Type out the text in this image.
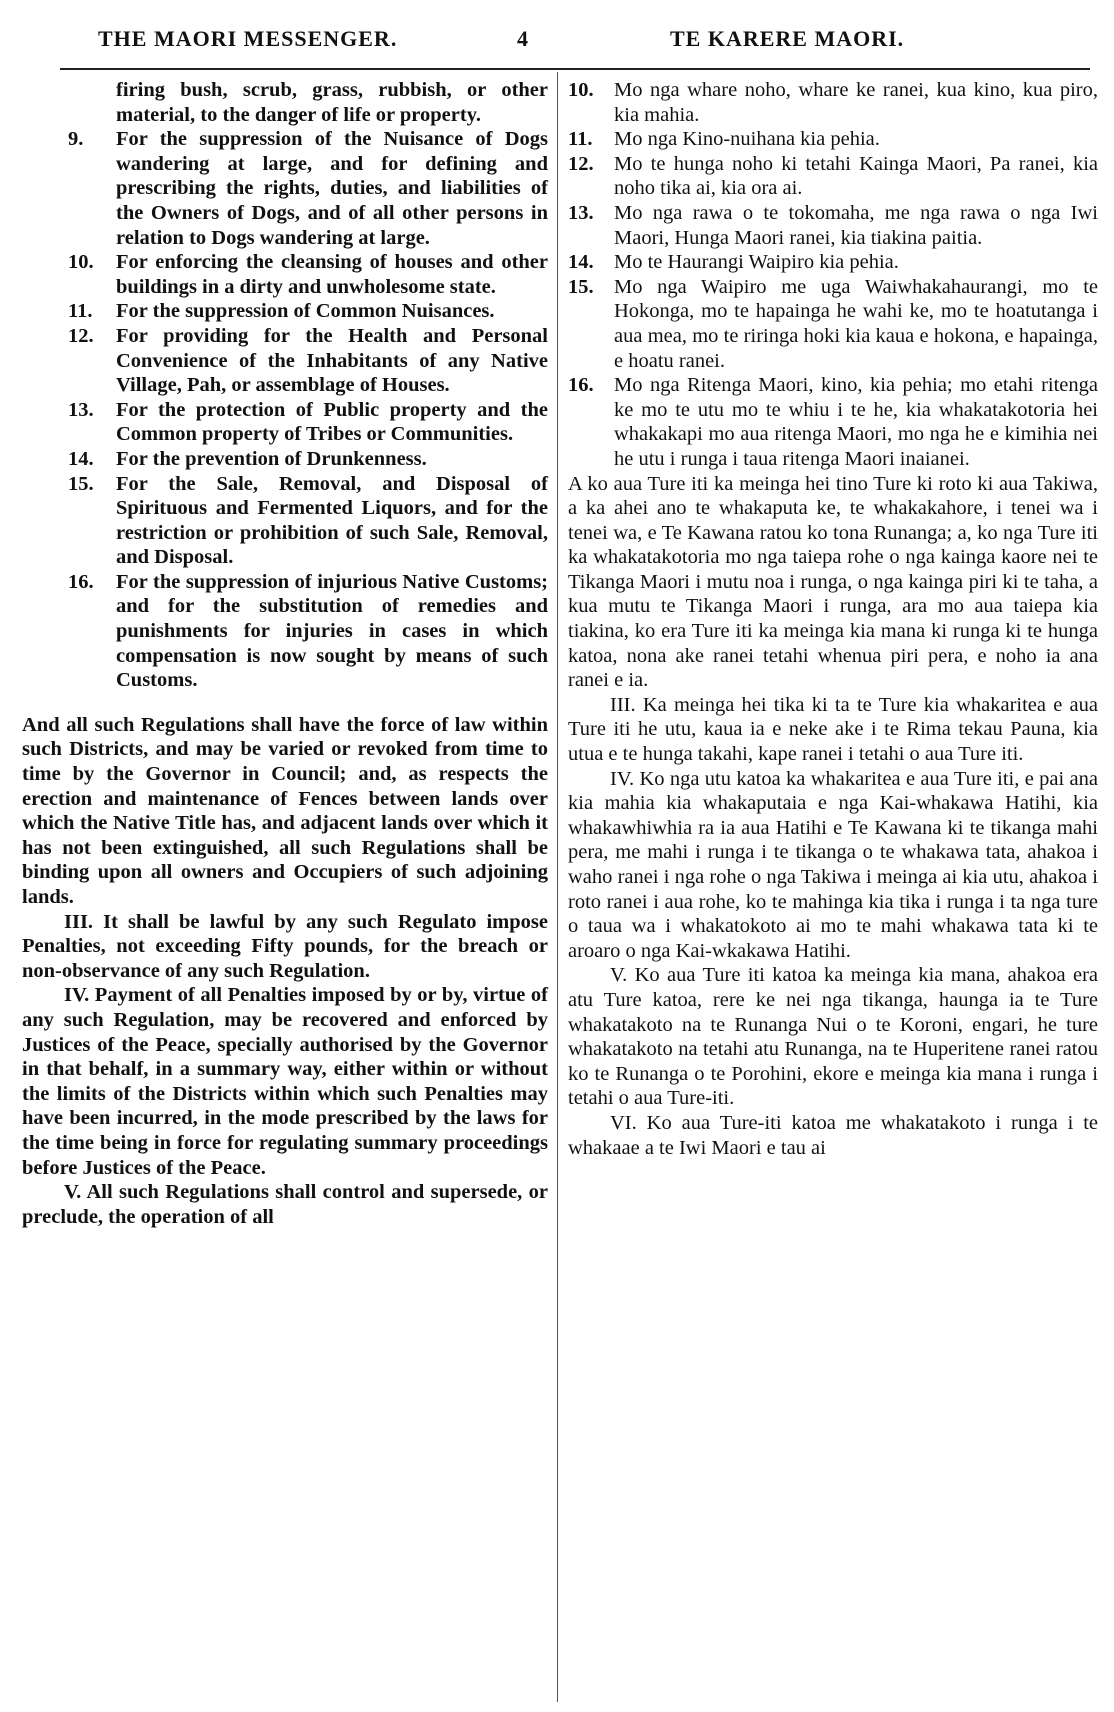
THE MAORI MESSENGER.	4	TE KARERE MAORI.

firing bush, scrub, grass, rubbish, or other material, to the danger of life or property.

9.	For the suppression of the Nuisance of Dogs wandering at large, and for defining and prescribing the rights, duties, and liabilities of the Owners of Dogs, and of all other persons in relation to Dogs wandering at large.
10.	For enforcing the cleansing of houses and other buildings in a dirty and unwholesome state.
11.	For the suppression of Common Nuisances.
12.	For providing for the Health and Personal Convenience of the Inhabitants of any Native Village, Pah, or assemblage of Houses.
13.	For the protection of Public property and the Common property of Tribes or Communities.
14.	For the prevention of Drunkenness.
15.	For the Sale, Removal, and Disposal of Spirituous and Fermented Liquors, and for the restriction or prohibition of such Sale, Removal, and Disposal.
16.	For the suppression of injurious Native Customs; and for the substitution of remedies and punishments for injuries in cases in which compensation is now sought by means of such Customs.

And all such Regulations shall have the force of law within such Districts, and may be varied or revoked from time to time by the Governor in Council; and, as respects the erection and maintenance of Fences between lands over which the Native Title has, and adjacent lands over which it has not been extinguished, all such Regulations shall be binding upon all owners and Occupiers of such adjoining lands.

III. It shall be lawful by any such Regulato impose Penalties, not exceeding Fifty pounds, for the breach or non-observance of any such Regulation.

IV. Payment of all Penalties imposed by or by, virtue of any such Regulation, may be recovered and enforced by Justices of the Peace, specially authorised by the Governor in that behalf, in a summary way, either within or without the limits of the Districts within which such Penalties may have been incurred, in the mode prescribed by the laws for the time being in force for regulating summary proceedings before Justices of the Peace.

V. All such Regulations shall control and supersede, or preclude, the operation of all

10. Mo nga whare noho, whare ke ranei, kua kino, kua piro, kia mahia.
11.	Mo nga Kino-nuihana kia pehia.
12. Mo te hunga noho ki tetahi Kainga Maori, Pa ranei, kia noho tika ai, kia ora ai.
13. Mo nga rawa o te tokomaha, me nga rawa o nga Iwi Maori, Hunga Maori ranei, kia tiakina paitia.
14. Mo te Haurangi Waipiro kia pehia.
15. Mo nga Waipiro me uga Waiwhakahaurangi, mo te Hokonga, mo te hapainga he wahi ke, mo te hoatutanga i aua mea, mo te riringa hoki kia kaua e hokona, e hapainga, e hoatu ranei.
16. Mo nga Ritenga Maori, kino, kia pehia; mo etahi ritenga ke mo te utu mo te whiu i te he, kia whakatakotoria hei whakakapi mo aua ritenga Maori, mo nga he e kimihia nei he utu i runga i taua ritenga Maori inaianei.

A ko aua Ture iti ka meinga hei tino Ture ki roto ki aua Takiwa, a ka ahei ano te whakaputa ke, te whakakahore, i tenei wa i tenei wa, e Te Kawana ratou ko tona Runanga; a, ko nga Ture iti ka whakatakotoria mo nga taiepa rohe o nga kainga kaore nei te Tikanga Maori i mutu noa i runga, o nga kainga piri ki te taha, a kua mutu te Tikanga Maori i runga, ara mo aua taiepa kia tiakina, ko era Ture iti ka meinga kia mana ki runga ki te hunga katoa, nona ake ranei tetahi whenua piri pera, e noho ia ana ranei e ia.

III. Ka meinga hei tika ki ta te Ture kia whakaritea e aua Ture iti he utu, kaua ia e neke ake i te Rima tekau Pauna, kia utua e te hunga takahi, kape ranei i tetahi o aua Ture iti.

IV. Ko nga utu katoa ka whakaritea e aua Ture iti, e pai ana kia mahia kia whakaputaia e nga Kai-whakawa Hatihi, kia whakawhiwhia ra ia aua Hatihi e Te Kawana ki te tikanga mahi pera, me mahi i runga i te tikanga o te whakawa tata, ahakoa i waho ranei i nga rohe o nga Takiwa i meinga ai kia utu, ahakoa i roto ranei i aua rohe, ko te mahinga kia tika i runga i ta nga ture o taua wa i whakatokoto ai mo te mahi whakawa tata ki te aroaro o nga Kai-wkakawa Hatihi.

V. Ko aua Ture iti katoa ka meinga kia mana, ahakoa era atu Ture katoa, rere ke nei nga tikanga, haunga ia te Ture whakatakoto na te Runanga Nui o te Koroni, engari, he ture whakatakoto na tetahi atu Runanga, na te Huperitene ranei ratou ko te Runanga o te Porohini, ekore e meinga kia mana i runga i tetahi o aua Ture-iti.

VI. Ko aua Ture-iti katoa me whakatakoto i runga i te whakaae a te Iwi Maori e tau ai
